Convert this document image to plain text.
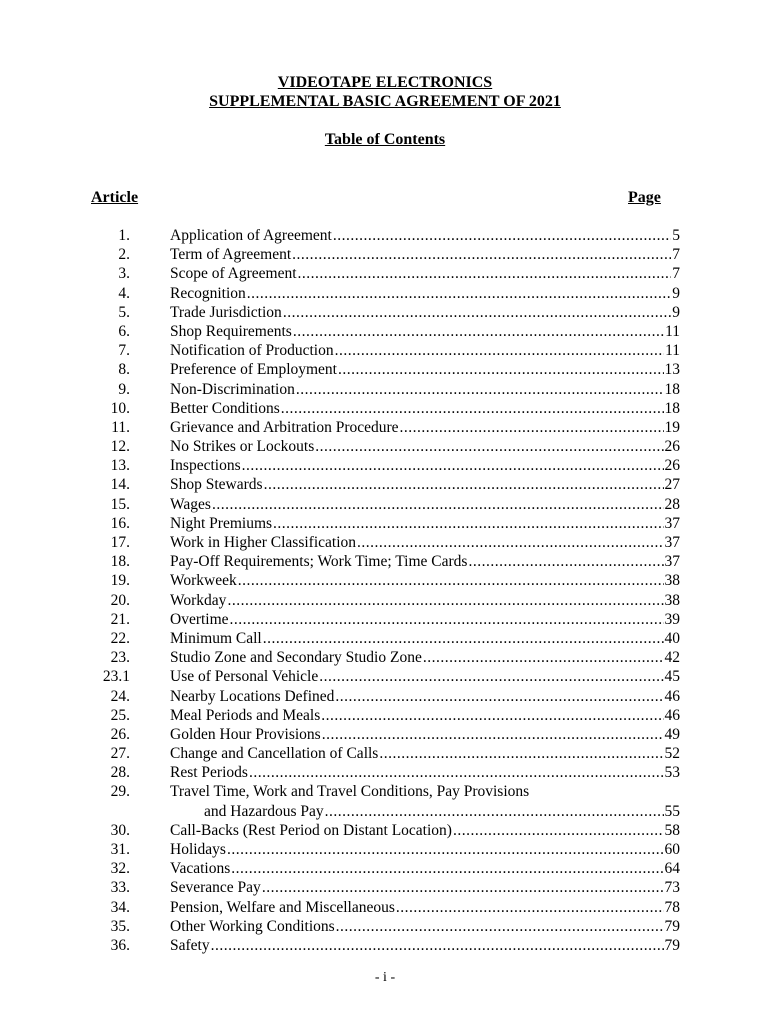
VIDEOTAPE ELECTRONICS
SUPPLEMENTAL BASIC AGREEMENT OF 2021
Table of Contents
Article	Page
1.	Application of Agreement .....	5
2.	Term of Agreement .....	7
3.	Scope of Agreement .....	7
4.	Recognition .....	9
5.	Trade Jurisdiction .....	9
6.	Shop Requirements .....	11
7.	Notification of Production .....	11
8.	Preference of Employment .....	13
9.	Non-Discrimination .....	18
10.	Better Conditions .....	18
11.	Grievance and Arbitration Procedure .....	19
12.	No Strikes or Lockouts .....	26
13.	Inspections .....	26
14.	Shop Stewards .....	27
15.	Wages .....	28
16.	Night Premiums .....	37
17.	Work in Higher Classification .....	37
18.	Pay-Off Requirements; Work Time; Time Cards .....	37
19.	Workweek .....	38
20.	Workday .....	38
21.	Overtime .....	39
22.	Minimum Call .....	40
23.	Studio Zone and Secondary Studio Zone .....	42
23.1	Use of Personal Vehicle .....	45
24.	Nearby Locations Defined .....	46
25.	Meal Periods and Meals .....	46
26.	Golden Hour Provisions .....	49
27.	Change and Cancellation of Calls .....	52
28.	Rest Periods .....	53
29.	Travel Time, Work and Travel Conditions, Pay Provisions
and Hazardous Pay .....	55
30.	Call-Backs (Rest Period on Distant Location) .....	58
31.	Holidays .....	60
32.	Vacations .....	64
33.	Severance Pay .....	73
34.	Pension, Welfare and Miscellaneous .....	78
35.	Other Working Conditions .....	79
36.	Safety .....	79
- i -
